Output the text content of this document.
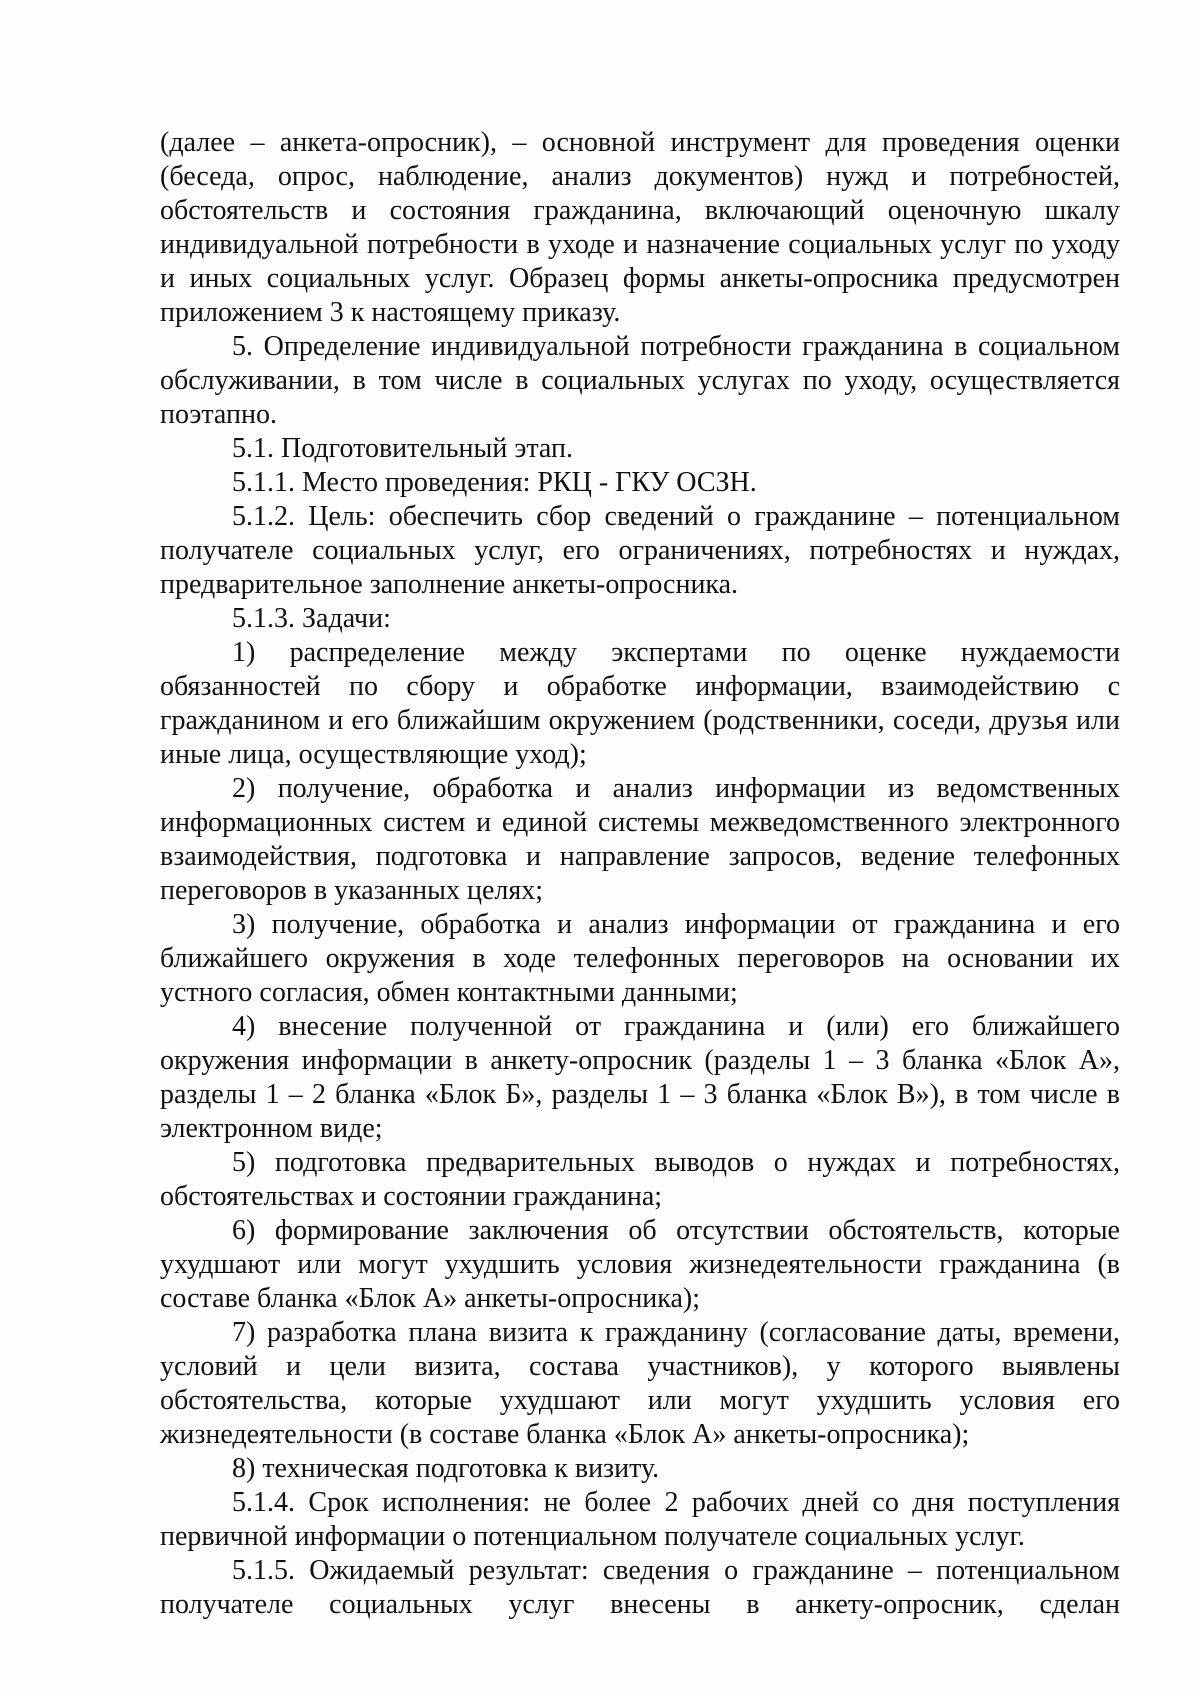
(далее – анкета-опросник), – основной инструмент для проведения оценки (беседа, опрос, наблюдение, анализ документов) нужд и потребностей, обстоятельств и состояния гражданина, включающий оценочную шкалу индивидуальной потребности в уходе и назначение социальных услуг по уходу и иных социальных услуг. Образец формы анкеты-опросника предусмотрен приложением 3 к настоящему приказу.

5. Определение индивидуальной потребности гражданина в социальном обслуживании, в том числе в социальных услугах по уходу, осуществляется поэтапно.

5.1. Подготовительный этап.

5.1.1. Место проведения: РКЦ - ГКУ ОСЗН.

5.1.2. Цель: обеспечить сбор сведений о гражданине – потенциальном получателе социальных услуг, его ограничениях, потребностях и нуждах, предварительное заполнение анкеты-опросника.

5.1.3. Задачи:

1) распределение между экспертами по оценке нуждаемости обязанностей по сбору и обработке информации, взаимодействию с гражданином и его ближайшим окружением (родственники, соседи, друзья или иные лица, осуществляющие уход);

2) получение, обработка и анализ информации из ведомственных информационных систем и единой системы межведомственного электронного взаимодействия, подготовка и направление запросов, ведение телефонных переговоров в указанных целях;

3) получение, обработка и анализ информации от гражданина и его ближайшего окружения в ходе телефонных переговоров на основании их устного согласия, обмен контактными данными;

4) внесение полученной от гражданина и (или) его ближайшего окружения информации в анкету-опросник (разделы 1 – 3 бланка «Блок А», разделы 1 – 2 бланка «Блок Б», разделы 1 – 3 бланка «Блок В»), в том числе в электронном виде;

5) подготовка предварительных выводов о нуждах и потребностях, обстоятельствах и состоянии гражданина;

6) формирование заключения об отсутствии обстоятельств, которые ухудшают или могут ухудшить условия жизнедеятельности гражданина (в составе бланка «Блок А» анкеты-опросника);

7) разработка плана визита к гражданину (согласование даты, времени, условий и цели визита, состава участников), у которого выявлены обстоятельства, которые ухудшают или могут ухудшить условия его жизнедеятельности (в составе бланка «Блок А» анкеты-опросника);

8) техническая подготовка к визиту.

5.1.4. Срок исполнения: не более 2 рабочих дней со дня поступления первичной информации о потенциальном получателе социальных услуг.

5.1.5. Ожидаемый результат: сведения о гражданине – потенциальном получателе социальных услуг внесены в анкету-опросник, сделан
